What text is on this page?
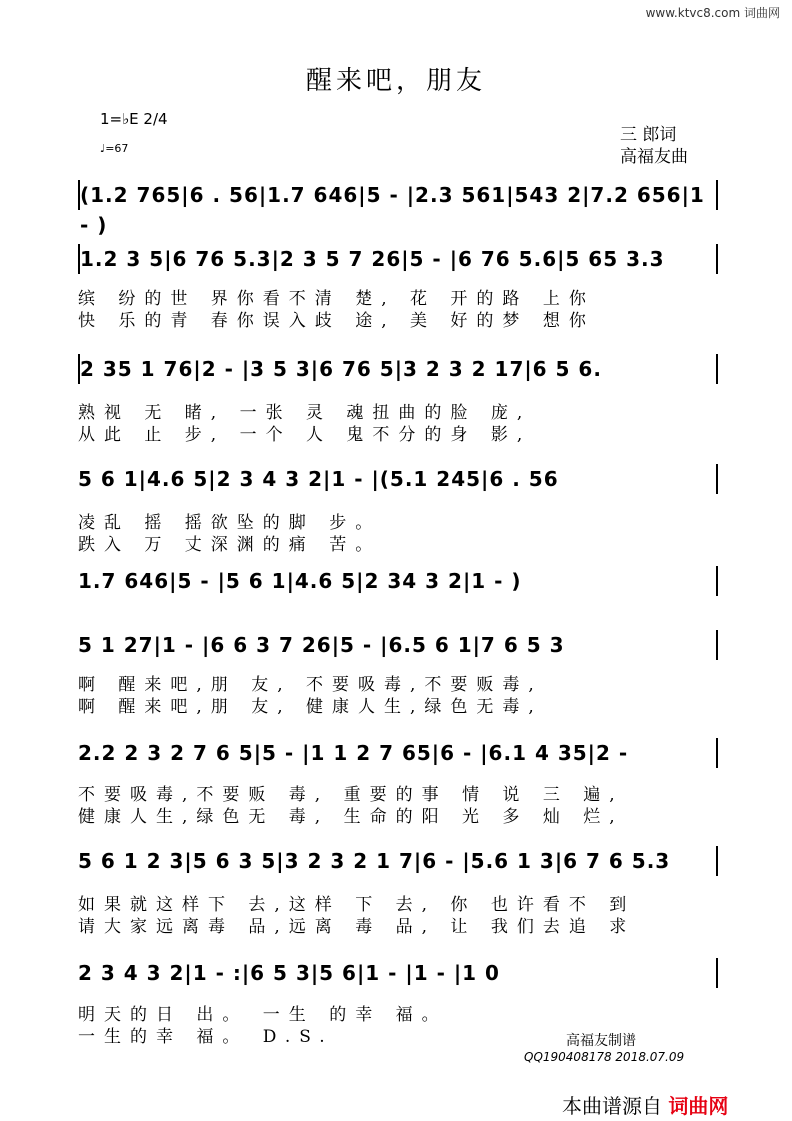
www.ktvc8.com 词曲网
醒来吧，朋友
1=♭E 2/4
♩=67
三 郎词
高福友曲
(1.2 765|6 . 56|1.7 646|5 - |2.3 561|543 2|7.2 656|1 - )
1.2 3 5|6 76 5.3|2 3 5 7 26|5 - |6 76 5.6|5 65 3.3
缤 纷的世 界你看不清 楚, 花 开的路 上你
快 乐的青 春你误入歧 途, 美 好的梦 想你
2 35 1 76|2 - |3 5 3|6 76 5|3 2 3 2 17|6 5 6.
熟视 无 睹, 一张 灵 魂扭曲的脸 庞,
从此 止 步, 一个 人 鬼不分的身 影,
5 6 1|4.6 5|2 3 4 3 2|1 - |(5.1 245|6 . 56
凌乱 摇 摇欲坠的脚 步。
跌入 万 丈深渊的痛 苦。
1.7 646|5 - |5 6 1|4.6 5|2 34 3 2|1 - )
5 1 27|1 - |6 6 3 7 26|5 - |6.5 6 1|7 6 5 3
啊 醒来吧,朋 友, 不要吸毒,不要贩毒,
啊 醒来吧,朋 友, 健康人生,绿色无毒,
2.2 2 3 2 7 6 5|5 - |1 1 2 7 65|6 - |6.1 4 35|2 -
不要吸毒,不要贩 毒, 重要的事 情 说 三 遍,
健康人生,绿色无 毒, 生命的阳 光 多 灿 烂,
5 6 1 2 3|5 6 3 5|3 2 3 2 1 7|6 - |5.6 1 3|6 7 6 5.3
如果就这样下 去,这样 下 去, 你 也许看不 到
请大家远离毒 品,远离 毒 品, 让 我们去追 求
2 3 4 3 2|1 - :|6 5 3|5 6|1 - |1 - |1 0
明天的日 出。 一生 的幸 福。
一生的幸 福。 D.S.	高福友制谱
QQ190408178 2018.07.09
本曲谱源自 词曲网
